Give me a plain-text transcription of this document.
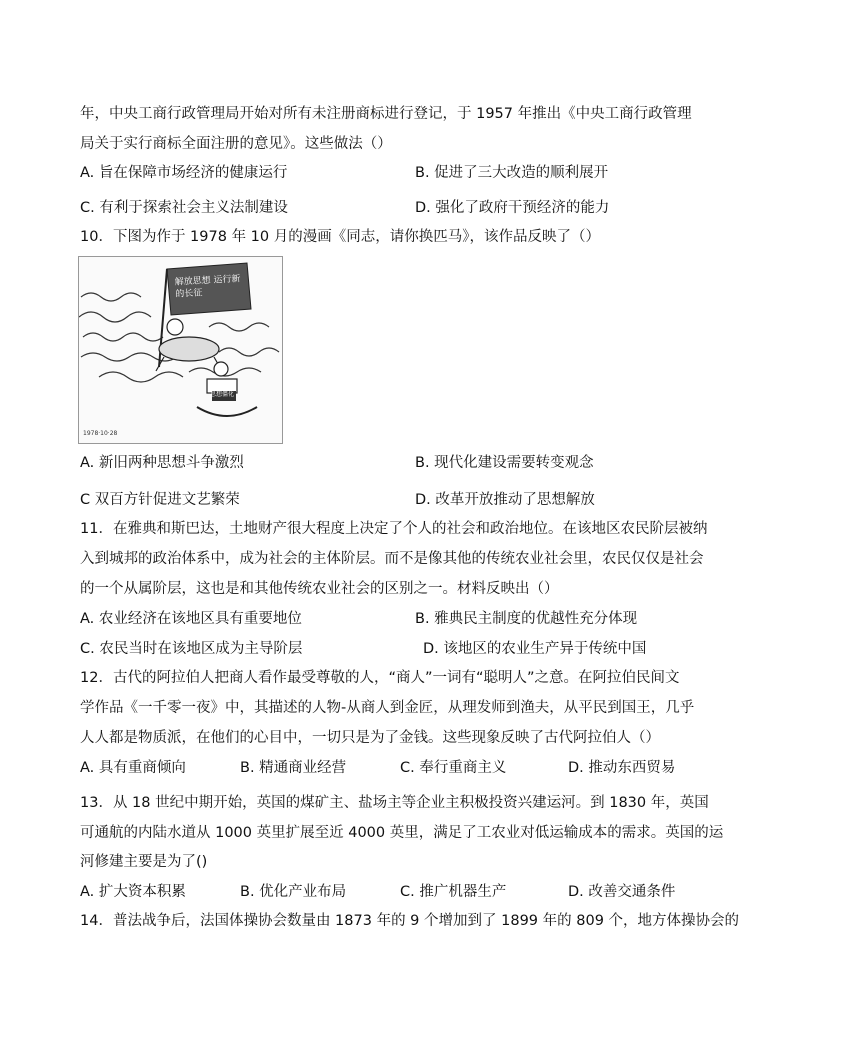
年，中央工商行政管理局开始对所有未注册商标进行登记，于 1957 年推出《中央工商行政管理
局关于实行商标全面注册的意见》。这些做法（）
A. 旨在保障市场经济的健康运行	B. 促进了三大改造的顺利展开
C. 有利于探索社会主义法制建设	D. 强化了政府干预经济的能力
10．下图为作于 1978 年 10 月的漫画《同志，请你换匹马》，该作品反映了（）
解放思想 运行新的长征
思想僵化
1978·10·28
A. 新旧两种思想斗争激烈	B. 现代化建设需要转变观念
C 双百方针促进文艺繁荣	D. 改革开放推动了思想解放
11．在雅典和斯巴达，土地财产很大程度上决定了个人的社会和政治地位。在该地区农民阶层被纳
入到城邦的政治体系中，成为社会的主体阶层。而不是像其他的传统农业社会里，农民仅仅是社会
的一个从属阶层，这也是和其他传统农业社会的区别之一。材料反映出（）
A. 农业经济在该地区具有重要地位	B. 雅典民主制度的优越性充分体现
C. 农民当时在该地区成为主导阶层	D. 该地区的农业生产异于传统中国
12．古代的阿拉伯人把商人看作最受尊敬的人，“商人”一词有“聪明人”之意。在阿拉伯民间文
学作品《一千零一夜》中，其描述的人物-从商人到金匠，从理发师到渔夫，从平民到国王，几乎
人人都是物质派，在他们的心目中，一切只是为了金钱。这些现象反映了古代阿拉伯人（）
A. 具有重商倾向	B. 精通商业经营	C. 奉行重商主义	D. 推动东西贸易
13．从 18 世纪中期开始，英国的煤矿主、盐场主等企业主积极投资兴建运河。到 1830 年，英国
可通航的内陆水道从 1000 英里扩展至近 4000 英里，满足了工农业对低运输成本的需求。英国的运
河修建主要是为了()
A. 扩大资本积累	B. 优化产业布局	C. 推广机器生产	D. 改善交通条件
14．普法战争后，法国体操协会数量由 1873 年的 9 个增加到了 1899 年的 809 个，地方体操协会的
